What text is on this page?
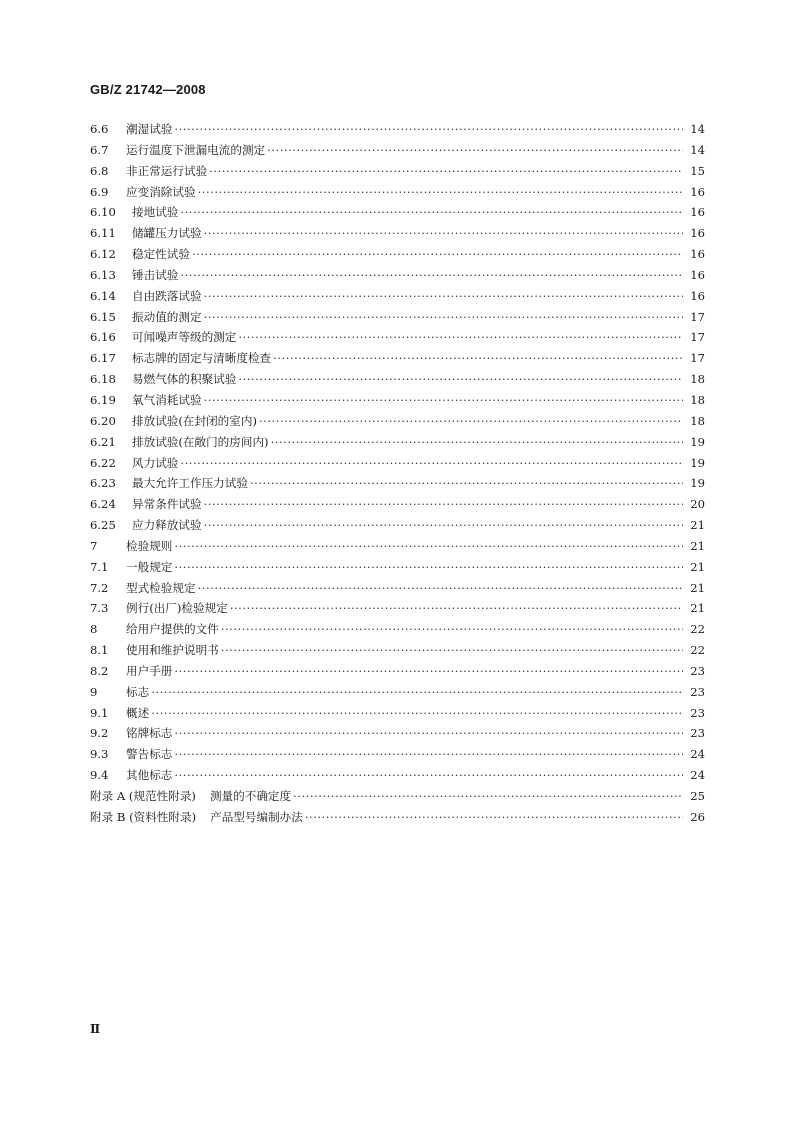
GB/Z 21742—2008
6.6	潮湿试验 ·····	14
6.7	运行温度下泄漏电流的测定 ·····	14
6.8	非正常运行试验 ·····	15
6.9	应变消除试验 ·····	16
6.10	接地试验 ·····	16
6.11	储罐压力试验 ·····	16
6.12	稳定性试验 ·····	16
6.13	锤击试验 ·····	16
6.14	自由跌落试验 ·····	16
6.15	振动值的测定 ·····	17
6.16	可闻噪声等级的测定 ·····	17
6.17	标志牌的固定与清晰度检查 ·····	17
6.18	易燃气体的积聚试验 ·····	18
6.19	氧气消耗试验 ·····	18
6.20	排放试验(在封闭的室内) ·····	18
6.21	排放试验(在敞门的房间内) ·····	19
6.22	风力试验 ·····	19
6.23	最大允许工作压力试验 ·····	19
6.24	异常条件试验 ·····	20
6.25	应力释放试验 ·····	21
7	检验规则 ·····	21
7.1	一般规定 ·····	21
7.2	型式检验规定 ·····	21
7.3	例行(出厂)检验规定 ·····	21
8	给用户提供的文件 ·····	22
8.1	使用和维护说明书 ·····	22
8.2	用户手册 ·····	23
9	标志 ·····	23
9.1	概述 ·····	23
9.2	铭牌标志 ·····	23
9.3	警告标志 ·····	24
9.4	其他标志 ·····	24
附录 A (规范性附录)	测量的不确定度 ·····	25
附录 B (资料性附录)	产品型号编制办法 ·····	26
Ⅱ
